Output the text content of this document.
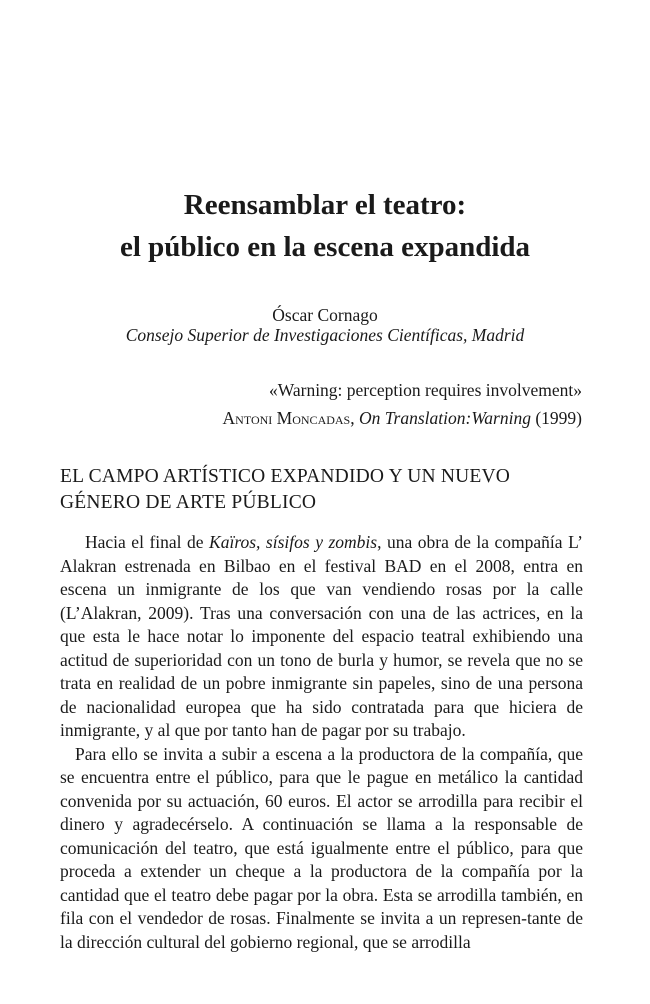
Reensamblar el teatro:
el público en la escena expandida
Óscar Cornago
Consejo Superior de Investigaciones Científicas, Madrid
«Warning: perception requires involvement»
Antoni Moncadas, On Translation:Warning (1999)
EL CAMPO ARTÍSTICO EXPANDIDO Y UN NUEVO
GÉNERO DE ARTE PÚBLICO

Hacia el final de Kaïros, sísifos y zombis, una obra de la compañía L’ Alakran estrenada en Bilbao en el festival BAD en el 2008, entra en escena un inmigrante de los que van vendiendo rosas por la calle (L’Alakran, 2009). Tras una conversación con una de las actrices, en la que esta le hace notar lo imponente del espacio teatral exhibiendo una actitud de superioridad con un tono de burla y humor, se revela que no se trata en realidad de un pobre inmigrante sin papeles, sino de una persona de nacionalidad europea que ha sido contratada para que hiciera de inmigrante, y al que por tanto han de pagar por su trabajo.

Para ello se invita a subir a escena a la productora de la compañía, que se encuentra entre el público, para que le pague en metálico la cantidad convenida por su actuación, 60 euros. El actor se arrodilla para recibir el dinero y agradecérselo. A continuación se llama a la responsable de comunicación del teatro, que está igualmente entre el público, para que proceda a extender un cheque a la productora de la compañía por la cantidad que el teatro debe pagar por la obra. Esta se arrodilla también, en fila con el vendedor de rosas. Finalmente se invita a un represen-tante de la dirección cultural del gobierno regional, que se arrodilla
